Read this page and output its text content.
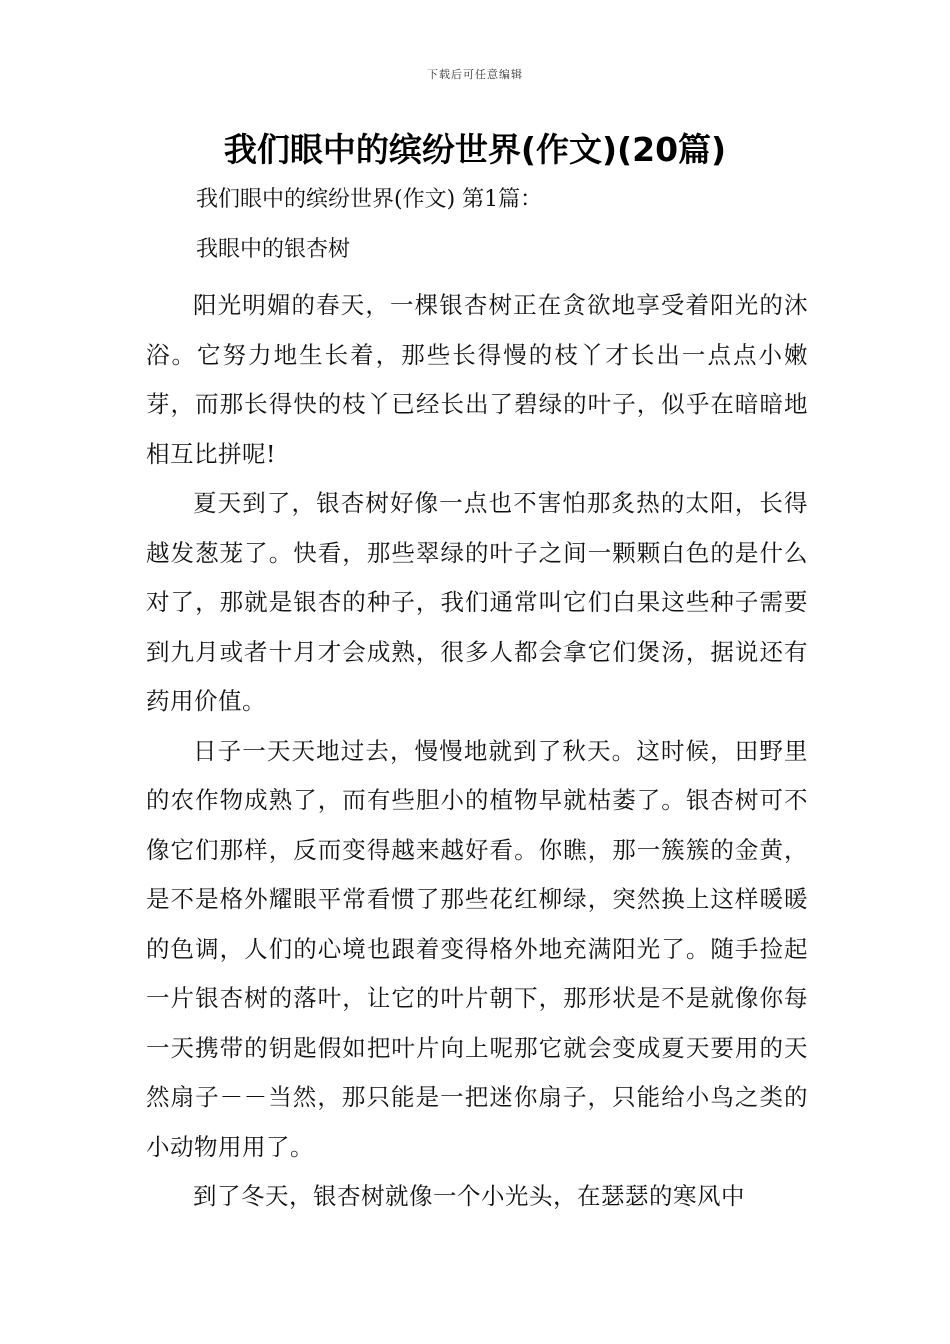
下载后可任意编辑
我们眼中的缤纷世界(作文)(20篇)

我们眼中的缤纷世界(作文) 第1篇：

我眼中的银杏树

阳光明媚的春天，一棵银杏树正在贪欲地享受着阳光的沐浴。它努力地生长着，那些长得慢的枝丫才长出一点点小嫩芽，而那长得快的枝丫已经长出了碧绿的叶子，似乎在暗暗地相互比拼呢!

夏天到了，银杏树好像一点也不害怕那炙热的太阳，长得越发葱茏了。快看，那些翠绿的叶子之间一颗颗白色的是什么对了，那就是银杏的种子，我们通常叫它们白果这些种子需要到九月或者十月才会成熟，很多人都会拿它们煲汤，据说还有药用价值。

日子一天天地过去，慢慢地就到了秋天。这时候，田野里的农作物成熟了，而有些胆小的植物早就枯萎了。银杏树可不像它们那样，反而变得越来越好看。你瞧，那一簇簇的金黄，是不是格外耀眼平常看惯了那些花红柳绿，突然换上这样暖暖的色调，人们的心境也跟着变得格外地充满阳光了。随手捡起一片银杏树的落叶，让它的叶片朝下，那形状是不是就像你每一天携带的钥匙假如把叶片向上呢那它就会变成夏天要用的天然扇子－－当然，那只能是一把迷你扇子，只能给小鸟之类的小动物用用了。

到了冬天，银杏树就像一个小光头，在瑟瑟的寒风中
